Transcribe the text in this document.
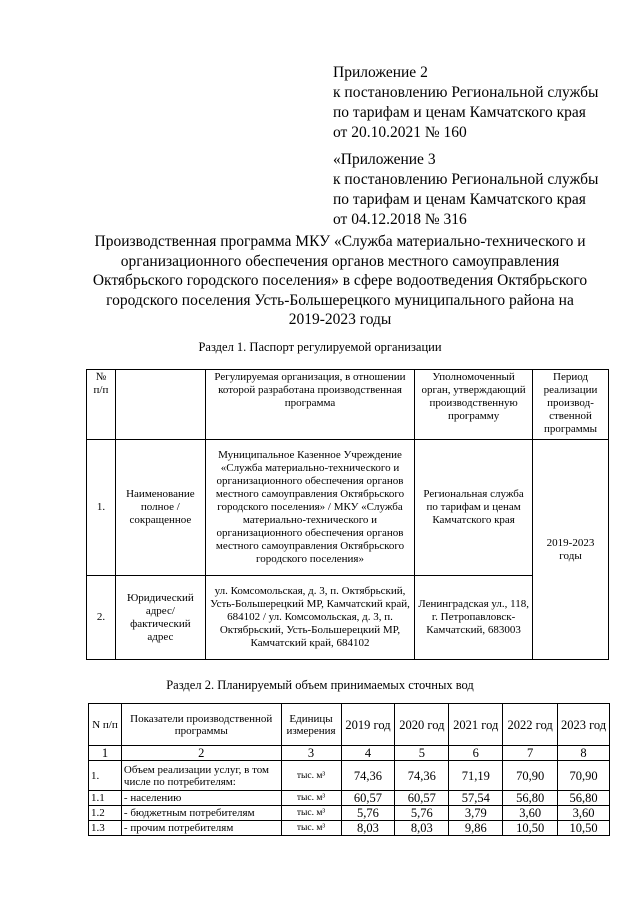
Приложение 2
к постановлению Региональной службы
по тарифам и ценам Камчатского края
от 20.10.2021 № 160
«Приложение 3
к постановлению Региональной службы
по тарифам и ценам Камчатского края
от 04.12.2018 № 316
Производственная программа МКУ «Служба материально-технического и организационного обеспечения органов местного самоуправления Октябрьского городского поселения» в сфере водоотведения Октябрьского городского поселения Усть-Большерецкого муниципального района на 2019-2023 годы
Раздел 1. Паспорт регулируемой организации
№ п/п		Регулируемая организация, в отношении которой разработана производственная программа	Уполномоченный орган, утверждающий производственную программу	Период реализации производ-ственной программы
1.	Наименование полное / сокращенное	Муниципальное Казенное Учреждение «Служба материально-технического и организационного обеспечения органов местного самоуправления Октябрьского городского поселения» / МКУ «Служба материально-технического и организационного обеспечения органов местного самоуправления Октябрьского городского поселения»	Региональная служба по тарифам и ценам Камчатского края	2019-2023 годы
2.	Юридический адрес/фактический адрес	ул. Комсомольская, д. 3, п. Октябрьский, Усть-Большерецкий МР, Камчатский край, 684102 / ул. Комсомольская, д. 3, п. Октябрьский, Усть-Большерецкий МР, Камчатский край, 684102	Ленинградская ул., 118, г. Петропавловск-Камчатский, 683003	
Раздел 2. Планируемый объем принимаемых сточных вод
N п/п	Показатели производственной программы	Единицы измерения	2019 год	2020 год	2021 год	2022 год	2023 год
1	2	3	4	5	6	7	8
1.	Объем реализации услуг, в том числе по потребителям:	тыс. м³	74,36	74,36	71,19	70,90	70,90
1.1	- населению	тыс. м³	60,57	60,57	57,54	56,80	56,80
1.2	- бюджетным потребителям	тыс. м³	5,76	5,76	3,79	3,60	3,60
1.3	- прочим потребителям	тыс. м³	8,03	8,03	9,86	10,50	10,50
